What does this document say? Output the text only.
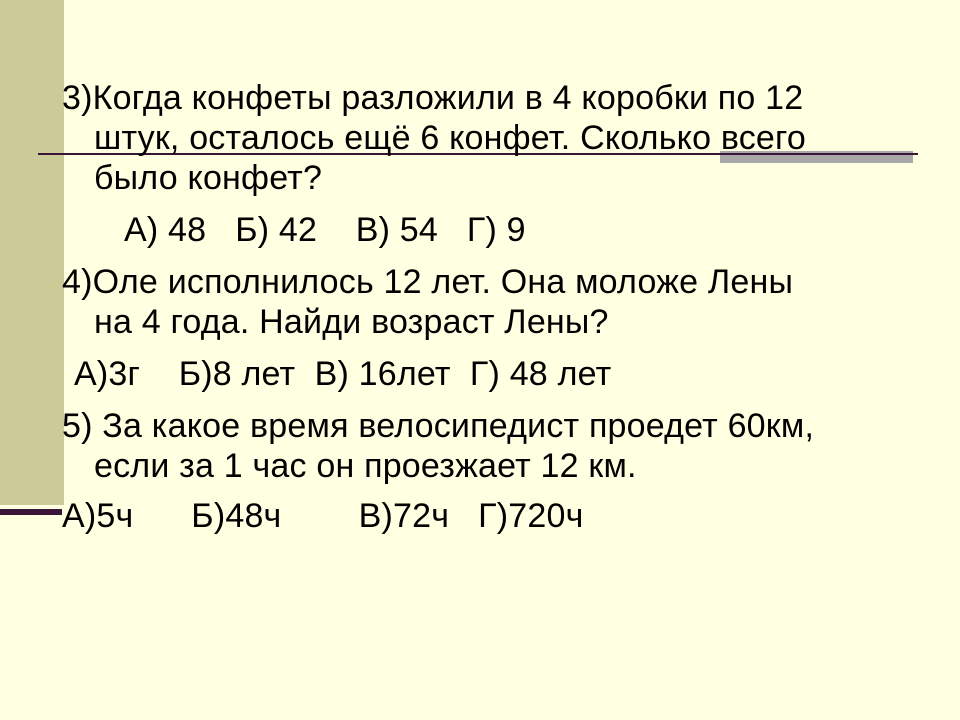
3)Когда конфеты разложили в 4 коробки по 12
штук, осталось ещё 6 конфет. Сколько всего
было конфет?
А) 48   Б) 42    В) 54   Г) 9
4)Оле исполнилось 12 лет. Она моложе Лены
на 4 года. Найди возраст Лены?
А)3г    Б)8 лет  В) 16лет  Г) 48 лет
5) За какое время велосипедист проедет 60км,
если за 1 час он проезжает 12 км.
А)5ч      Б)48ч        В)72ч   Г)720ч
